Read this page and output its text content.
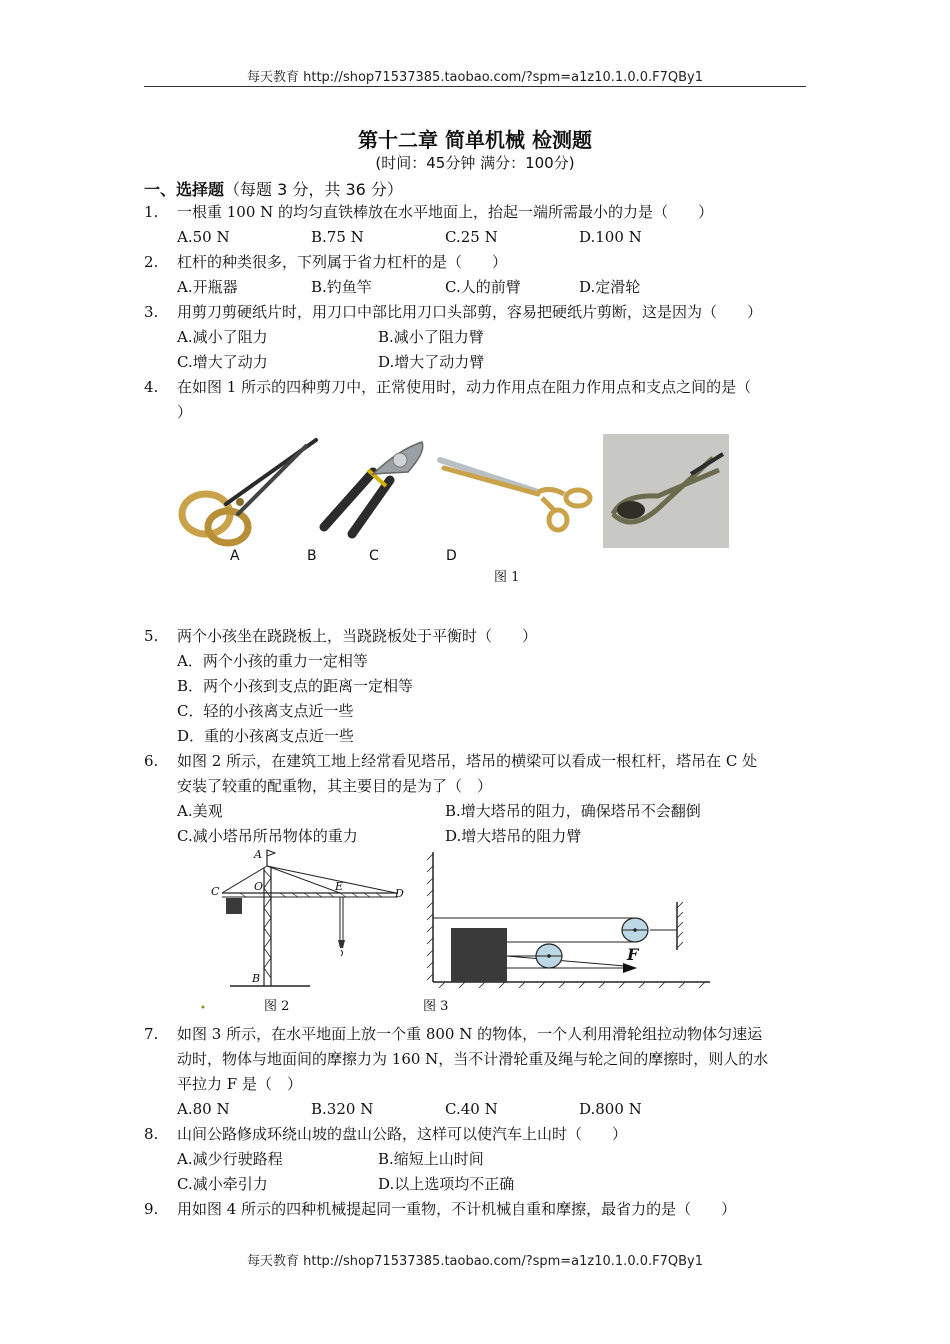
每天教育 http://shop71537385.taobao.com/?spm=a1z10.1.0.0.F7QBy1
第十二章 简单机械 检测题
(时间：45分钟 满分：100分)
一、选择题（每题 3 分，共 36 分）
1. 一根重 100 N 的均匀直铁棒放在水平地面上，抬起一端所需最小的力是（　　）
A.50 N	B.75 N	C.25 N	D.100 N
2. 杠杆的种类很多，下列属于省力杠杆的是（　　）
A.开瓶器	B.钓鱼竿	C.人的前臂	D.定滑轮
3. 用剪刀剪硬纸片时，用刀口中部比用刀口头部剪，容易把硬纸片剪断，这是因为（　　）
A.减小了阻力	B.减小了阻力臂
C.增大了动力	D.增大了动力臂
4. 在如图 1 所示的四种剪刀中，正常使用时，动力作用点在阻力作用点和支点之间的是（
）
A	B	C	D
图 1
5. 两个小孩坐在跷跷板上，当跷跷板处于平衡时（　　）
A．两个小孩的重力一定相等
B．两个小孩到支点的距离一定相等
C．轻的小孩离支点近一些
D．重的小孩离支点近一些
6. 如图 2 所示，在建筑工地上经常看见塔吊，塔吊的横梁可以看成一根杠杆，塔吊在 C 处
安装了较重的配重物，其主要目的是为了（　）
A.美观	B.增大塔吊的阻力，确保塔吊不会翻倒
C.减小塔吊所吊物体的重力	D.增大塔吊的阻力臂
A
O
C	E
D
B
图 2
F
图 3
7. 如图 3 所示，在水平地面上放一个重 800 N 的物体，一个人利用滑轮组拉动物体匀速运
动时，物体与地面间的摩擦力为 160 N，当不计滑轮重及绳与轮之间的摩擦时，则人的水
平拉力 F 是（　）
A.80 N	B.320 N	C.40 N	D.800 N
8. 山间公路修成环绕山坡的盘山公路，这样可以使汽车上山时（　　）
A.减少行驶路程	B.缩短上山时间
C.减小牵引力	D.以上选项均不正确
9. 用如图 4 所示的四种机械提起同一重物，不计机械自重和摩擦，最省力的是（　　）
每天教育 http://shop71537385.taobao.com/?spm=a1z10.1.0.0.F7QBy1
